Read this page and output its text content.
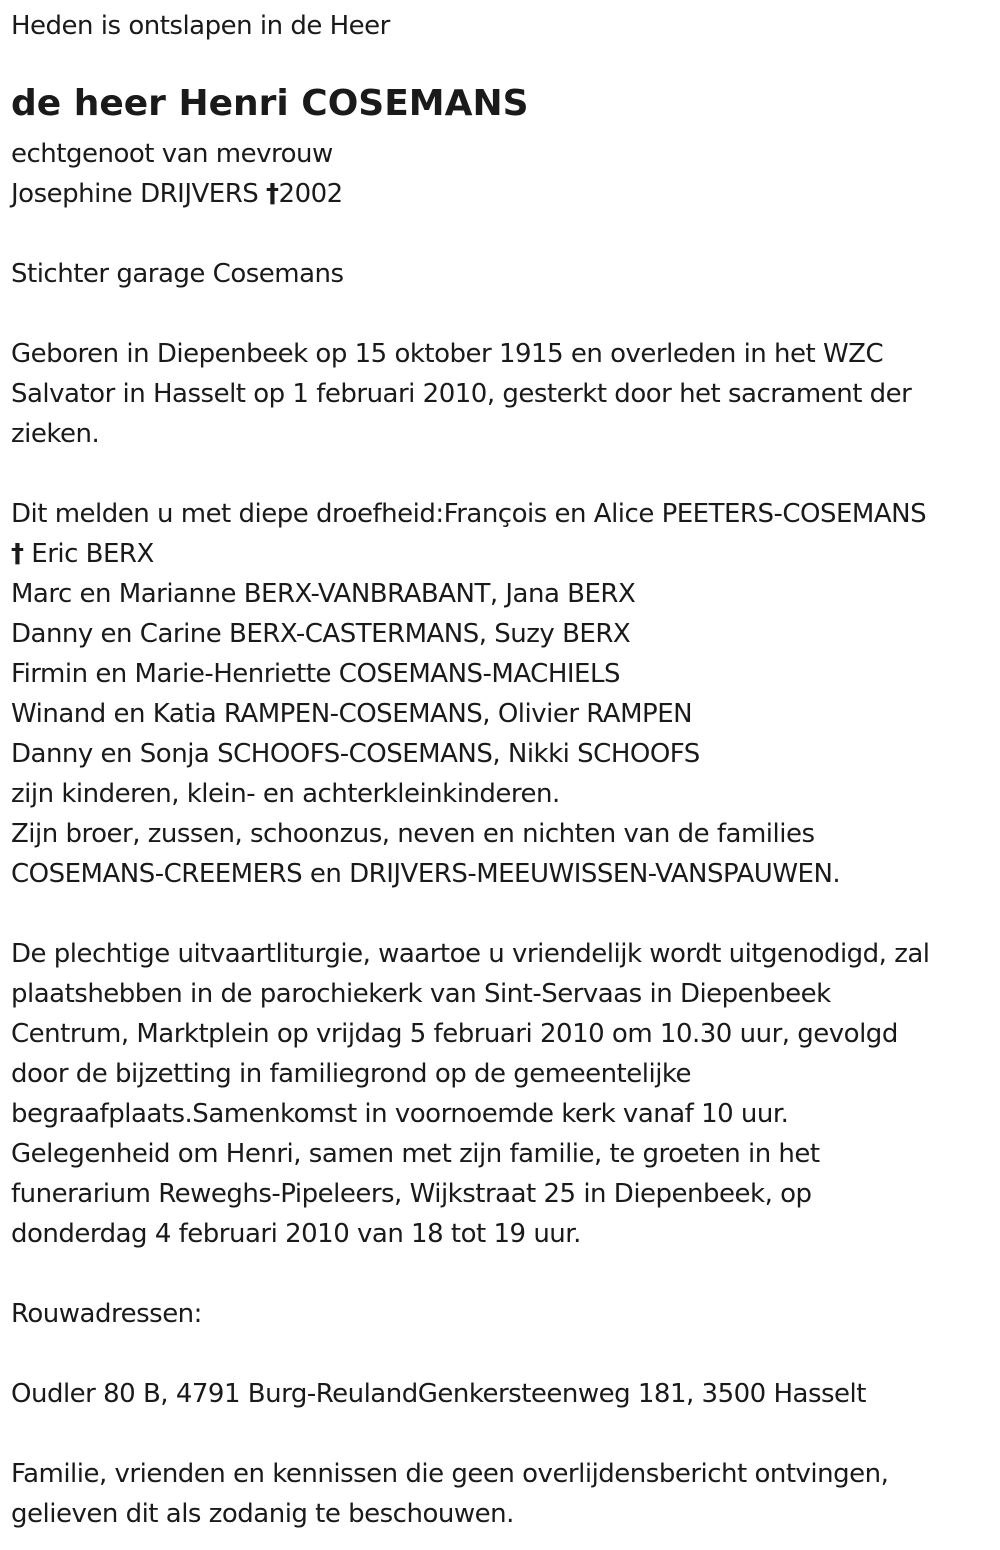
Heden is ontslapen in de Heer
de heer Henri COSEMANS
echtgenoot van mevrouw
Josephine DRIJVERS †2002
Stichter garage Cosemans
Geboren in Diepenbeek op 15 oktober 1915 en overleden in het WZC
Salvator in Hasselt op 1 februari 2010, gesterkt door het sacrament der
zieken.
Dit melden u met diepe droefheid:François en Alice PEETERS-COSEMANS
† Eric BERX
Marc en Marianne BERX-VANBRABANT, Jana BERX
Danny en Carine BERX-CASTERMANS, Suzy BERX
Firmin en Marie-Henriette COSEMANS-MACHIELS
Winand en Katia RAMPEN-COSEMANS, Olivier RAMPEN
Danny en Sonja SCHOOFS-COSEMANS, Nikki SCHOOFS
zijn kinderen, klein- en achterkleinkinderen.
Zijn broer, zussen, schoonzus, neven en nichten van de families
COSEMANS-CREEMERS en DRIJVERS-MEEUWISSEN-VANSPAUWEN.
De plechtige uitvaartliturgie, waartoe u vriendelijk wordt uitgenodigd, zal
plaatshebben in de parochiekerk van Sint-Servaas in Diepenbeek
Centrum, Marktplein op vrijdag 5 februari 2010 om 10.30 uur, gevolgd
door de bijzetting in familiegrond op de gemeentelijke
begraafplaats.Samenkomst in voornoemde kerk vanaf 10 uur.
Gelegenheid om Henri, samen met zijn familie, te groeten in het
funerarium Reweghs-Pipeleers, Wijkstraat 25 in Diepenbeek, op
donderdag 4 februari 2010 van 18 tot 19 uur.
Rouwadressen:
Oudler 80 B, 4791 Burg-ReulandGenkersteenweg 181, 3500 Hasselt
Familie, vrienden en kennissen die geen overlijdensbericht ontvingen,
gelieven dit als zodanig te beschouwen.
